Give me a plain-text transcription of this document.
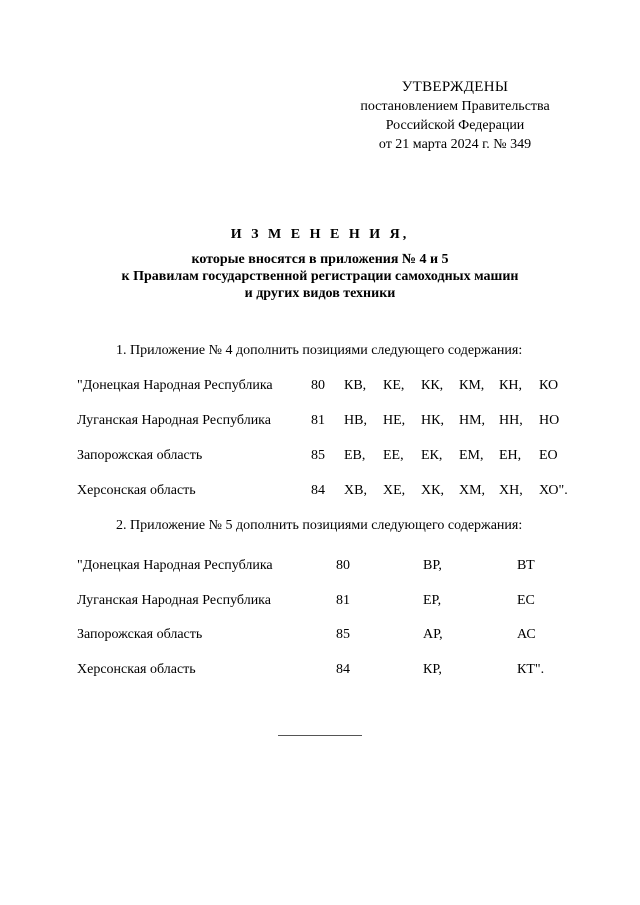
УТВЕРЖДЕНЫ
постановлением Правительства
Российской Федерации
от 21 марта 2024 г. № 349
И З М Е Н Е Н И Я,
которые вносятся в приложения № 4 и 5
к Правилам государственной регистрации самоходных машин
и других видов техники
1. Приложение № 4 дополнить позициями следующего содержания:
"Донецкая Народная Республика	80 КВ, КЕ, КК, КМ, КН, КО
Луганская Народная Республика	81 НВ, НЕ, НК, НМ, НН, НО
Запорожская область	85 ЕВ, ЕЕ, ЕК, ЕМ, ЕН, ЕО
Херсонская область	84 ХВ, ХЕ, ХК, ХМ, ХН, ХО".
2. Приложение № 5 дополнить позициями следующего содержания:
"Донецкая Народная Республика	80	ВР,	ВТ
Луганская Народная Республика	81	ЕР,	ЕС
Запорожская область	85	АР,	АС
Херсонская область	84	КР,	КТ".
